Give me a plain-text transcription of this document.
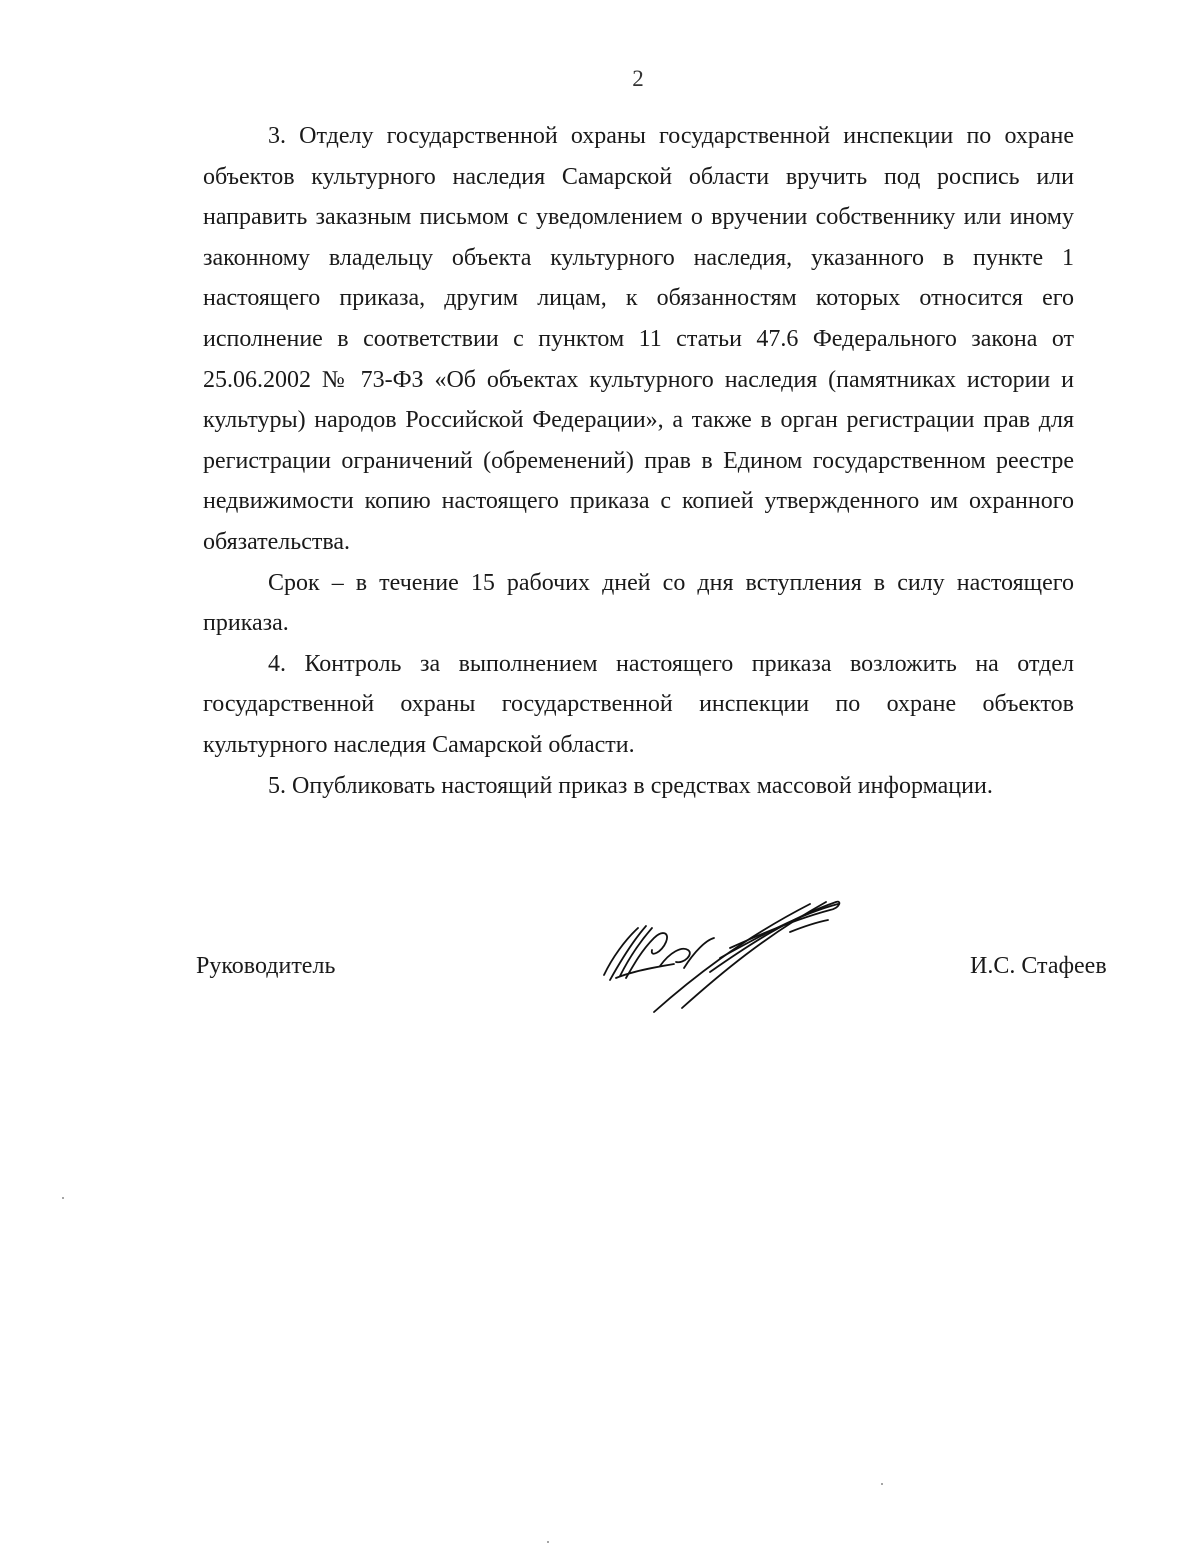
2

3. Отделу государственной охраны государственной инспекции по охране объектов культурного наследия Самарской области вручить под роспись или направить заказным письмом с уведомлением о вручении собственнику или иному законному владельцу объекта культурного наследия, указанного в пункте 1 настоящего приказа, другим лицам, к обязанностям которых относится его исполнение в соответствии с пунктом 11 статьи 47.6 Федерального закона от 25.06.2002 № 73-ФЗ «Об объектах культурного наследия (памятниках истории и культуры) народов Российской Федерации», а также в орган регистрации прав для регистрации ограничений (обременений) прав в Едином государственном реестре недвижимости копию настоящего приказа с копией утвержденного им охранного обязательства.

Срок – в течение 15 рабочих дней со дня вступления в силу настоящего приказа.

4. Контроль за выполнением настоящего приказа возложить на отдел государственной охраны государственной инспекции по охране объектов культурного наследия Самарской области.

5. Опубликовать настоящий приказ в средствах массовой информации.

Руководитель	И.С. Стафеев
